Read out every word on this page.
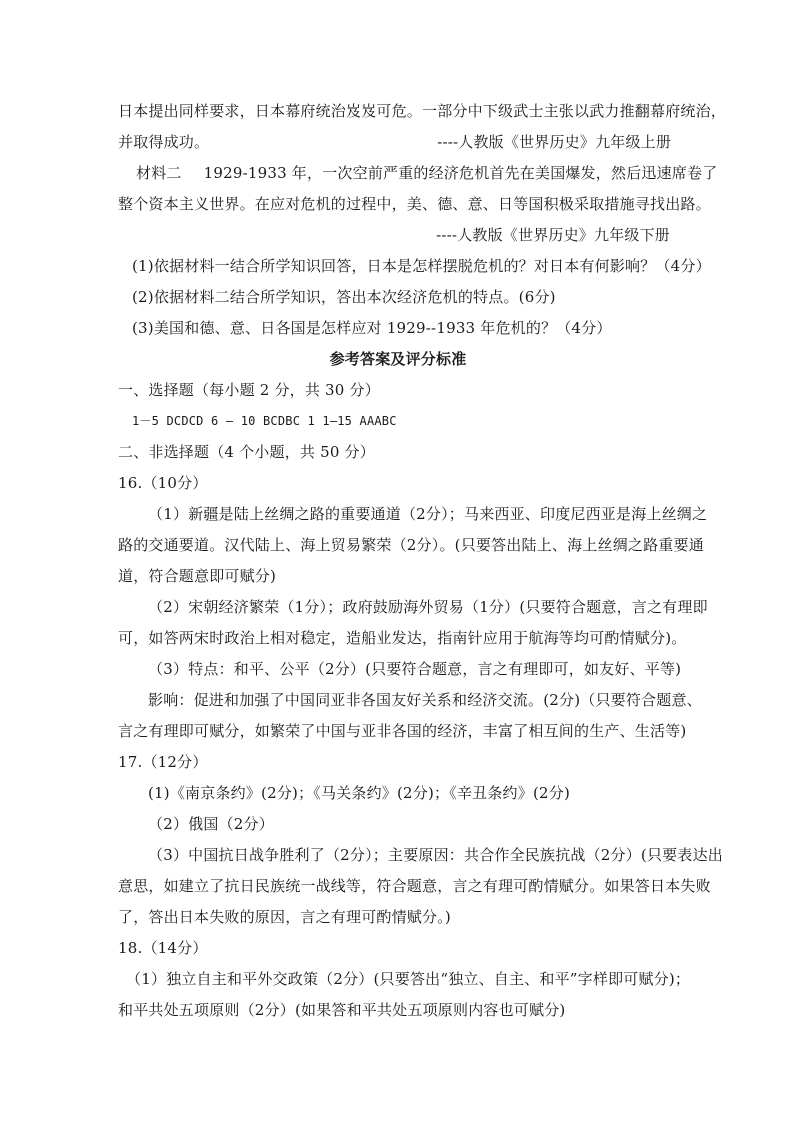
日本提出同样要求，日本幕府统治岌岌可危。一部分中下级武士主张以武力推翻幕府统治，
并取得成功。	----人教版《世界历史》九年级上册
材料二 1929-1933 年，一次空前严重的经济危机首先在美国爆发，然后迅速席卷了
整个资本主义世界。在应对危机的过程中，美、德、意、日等国积极采取措施寻找出路。
----人教版《世界历史》九年级下册
(1)依据材料一结合所学知识回答，日本是怎样摆脱危机的？对日本有何影响？（4分）
(2)依据材料二结合所学知识，答出本次经济危机的特点。(6分)
(3)美国和德、意、日各国是怎样应对 1929--1933 年危机的？（4分）
参考答案及评分标准
一、选择题（每小题 2 分，共 30 分）
1－5 DCDCD 6 — 10 BCDBC 1 1—15 AAABC
二、非选择题（4 个小题，共 50 分）
16.（10分）
（1）新疆是陆上丝绸之路的重要通道（2分）；马来西亚、印度尼西亚是海上丝绸之
路的交通要道。汉代陆上、海上贸易繁荣（2分）。(只要答出陆上、海上丝绸之路重要通
道，符合题意即可赋分)
（2）宋朝经济繁荣（1分）；政府鼓励海外贸易（1分）(只要符合题意，言之有理即
可，如答两宋时政治上相对稳定，造船业发达，指南针应用于航海等均可酌情赋分)。
（3）特点：和平、公平（2分）(只要符合题意，言之有理即可，如友好、平等)
影响：促进和加强了中国同亚非各国友好关系和经济交流。(2分)（只要符合题意、
言之有理即可赋分，如繁荣了中国与亚非各国的经济，丰富了相互间的生产、生活等)
17.（12分）
(1)《南京条约》(2分)；《马关条约》(2分)；《辛丑条约》(2分)
（2）俄国（2分）
（3）中国抗日战争胜利了（2分）；主要原因：共合作全民族抗战（2分）(只要表达出
意思，如建立了抗日民族统一战线等，符合题意，言之有理可酌情赋分。如果答日本失败
了，答出日本失败的原因，言之有理可酌情赋分。)
18.（14分）
（1）独立自主和平外交政策（2分）(只要答出“独立、自主、和平”字样即可赋分)；
和平共处五项原则（2分）(如果答和平共处五项原则内容也可赋分)
